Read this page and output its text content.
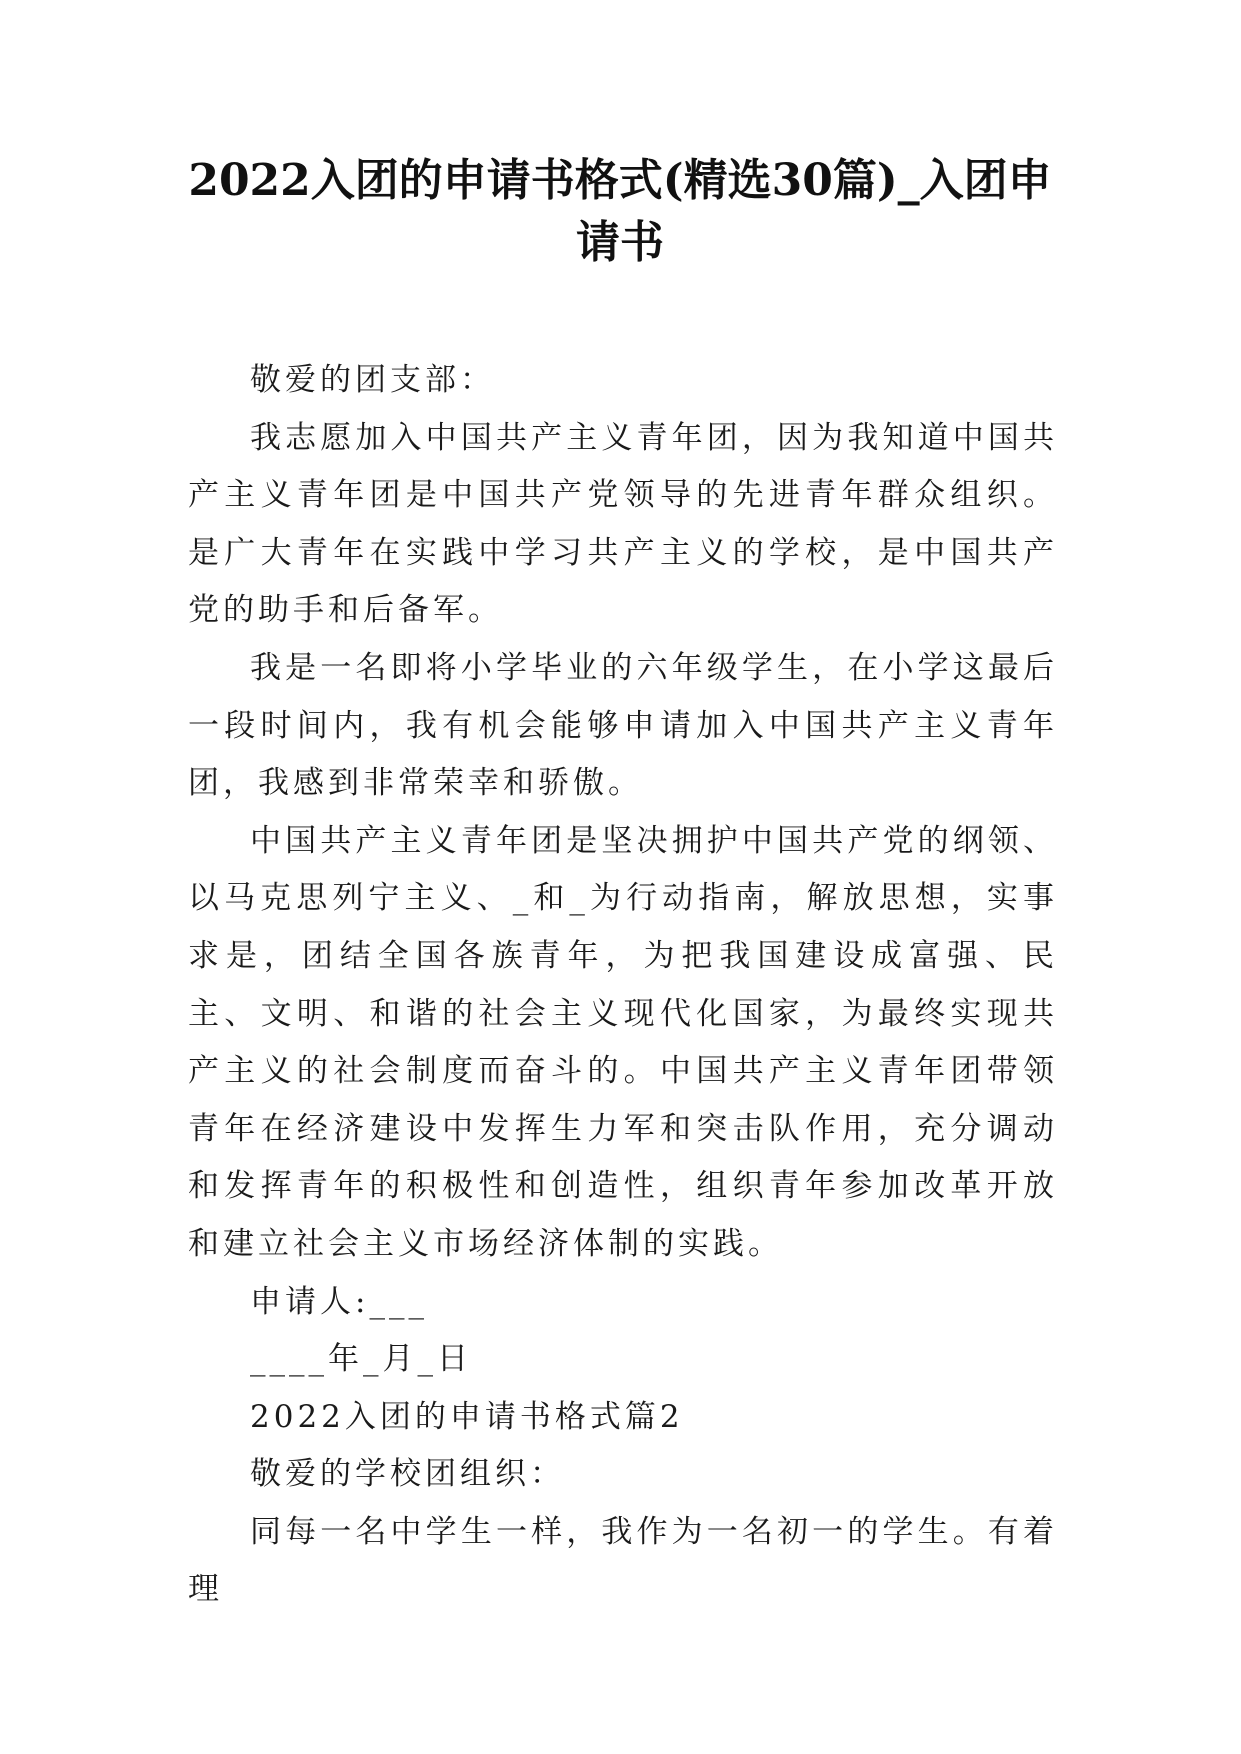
2022入团的申请书格式(精选30篇)_入团申请书

敬爱的团支部：

我志愿加入中国共产主义青年团，因为我知道中国共产主义青年团是中国共产党领导的先进青年群众组织。是广大青年在实践中学习共产主义的学校，是中国共产党的助手和后备军。

我是一名即将小学毕业的六年级学生，在小学这最后一段时间内，我有机会能够申请加入中国共产主义青年团，我感到非常荣幸和骄傲。

中国共产主义青年团是坚决拥护中国共产党的纲领、以马克思列宁主义、_和_为行动指南，解放思想，实事求是，团结全国各族青年，为把我国建设成富强、民主、文明、和谐的社会主义现代化国家，为最终实现共产主义的社会制度而奋斗的。中国共产主义青年团带领青年在经济建设中发挥生力军和突击队作用，充分调动和发挥青年的积极性和创造性，组织青年参加改革开放和建立社会主义市场经济体制的实践。

申请人:___

____年_月_日

2022入团的申请书格式篇2

敬爱的学校团组织：

同每一名中学生一样，我作为一名初一的学生。有着理
